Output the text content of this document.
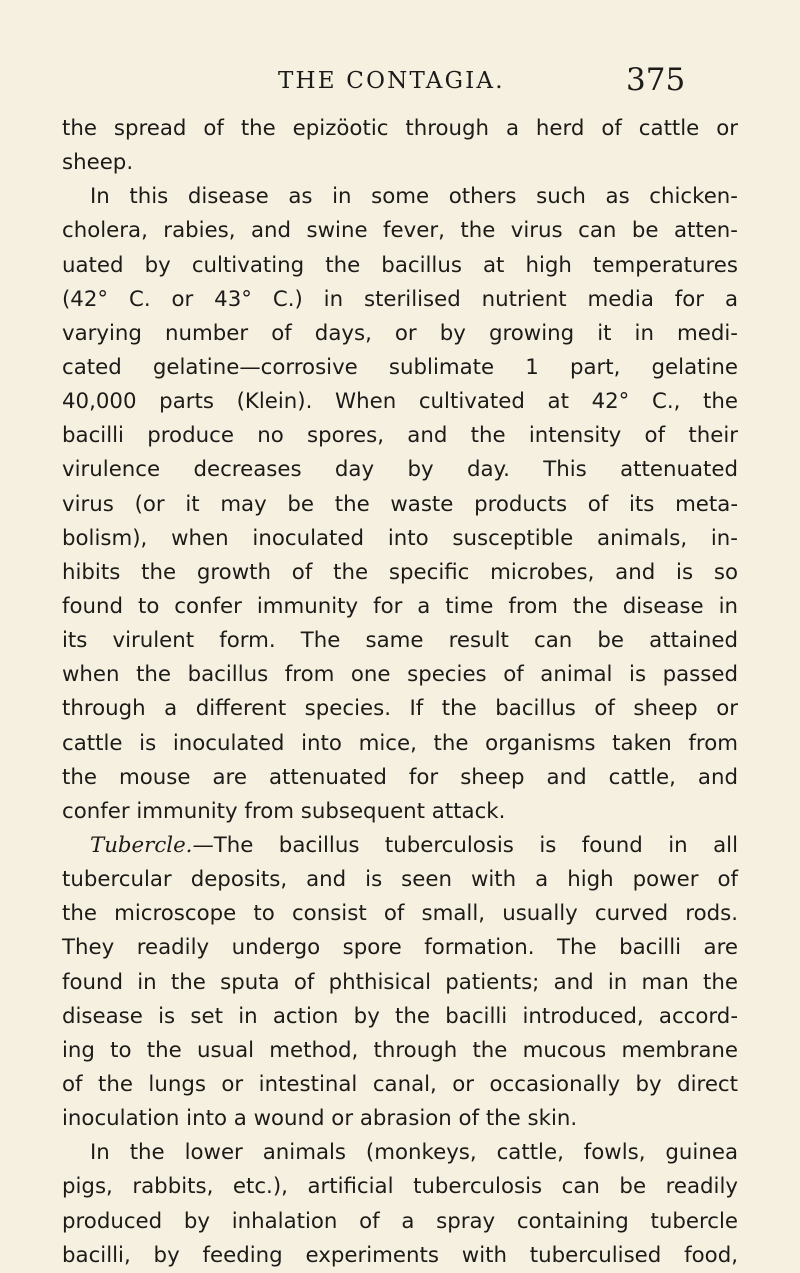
THE CONTAGIA.	375
the spread of the epizöotic through a herd of cattle or
sheep.
In this disease as in some others such as chicken-
cholera, rabies, and swine fever, the virus can be atten-
uated by cultivating the bacillus at high temperatures
(42° C. or 43° C.) in sterilised nutrient media for a
varying number of days, or by growing it in medi-
cated gelatine—corrosive sublimate 1 part, gelatine
40,000 parts (Klein). When cultivated at 42° C., the
bacilli produce no spores, and the intensity of their
virulence decreases day by day. This attenuated
virus (or it may be the waste products of its meta-
bolism), when inoculated into susceptible animals, in-
hibits the growth of the specific microbes, and is so
found to confer immunity for a time from the disease in
its virulent form. The same result can be attained
when the bacillus from one species of animal is passed
through a different species. If the bacillus of sheep or
cattle is inoculated into mice, the organisms taken from
the mouse are attenuated for sheep and cattle, and
confer immunity from subsequent attack.
Tubercle.—The bacillus tuberculosis is found in all
tubercular deposits, and is seen with a high power of
the microscope to consist of small, usually curved rods.
They readily undergo spore formation. The bacilli are
found in the sputa of phthisical patients; and in man the
disease is set in action by the bacilli introduced, accord-
ing to the usual method, through the mucous membrane
of the lungs or intestinal canal, or occasionally by direct
inoculation into a wound or abrasion of the skin.
In the lower animals (monkeys, cattle, fowls, guinea
pigs, rabbits, etc.), artificial tuberculosis can be readily
produced by inhalation of a spray containing tubercle
bacilli, by feeding experiments with tuberculised food,
